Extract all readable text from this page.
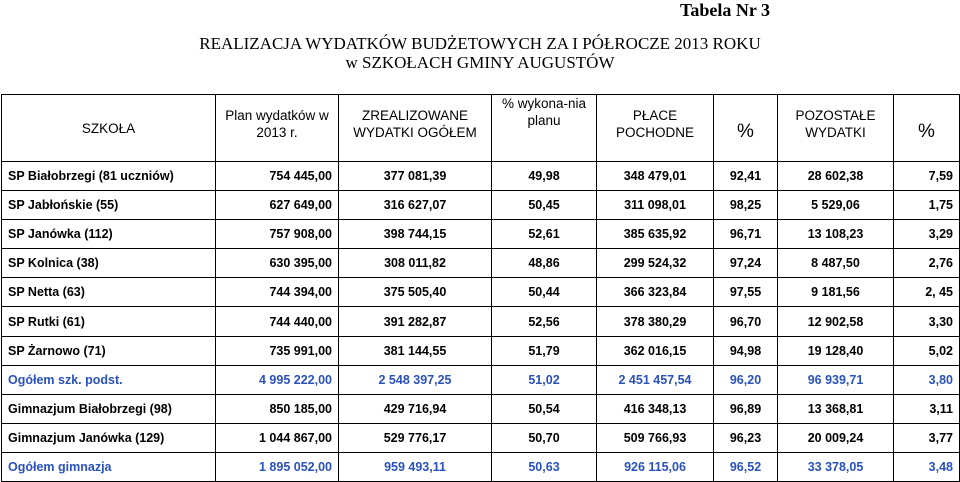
Tabela Nr 3
REALIZACJA WYDATKÓW BUDŻETOWYCH ZA I PÓŁROCZE 2013 ROKU
w SZKOŁACH GMINY AUGUSTÓW
SZKOŁA	Plan wydatków w 2013 r.	ZREALIZOWANE WYDATKI OGÓŁEM	% wykona-nia planu	PŁACE POCHODNE	%	POZOSTAŁE WYDATKI	%

SP Białobrzegi (81 uczniów)	754 445,00	377 081,39	49,98	348 479,01	92,41	28 602,38	7,59
SP Jabłońskie (55)	627 649,00	316 627,07	50,45	311 098,01	98,25	5 529,06	1,75
SP Janówka (112)	757 908,00	398 744,15	52,61	385 635,92	96,71	13 108,23	3,29
SP Kolnica (38)	630 395,00	308 011,82	48,86	299 524,32	97,24	8 487,50	2,76
SP Netta (63)	744 394,00	375 505,40	50,44	366 323,84	97,55	9 181,56	2, 45
SP Rutki (61)	744 440,00	391 282,87	52,56	378 380,29	96,70	12 902,58	3,30
SP Żarnowo (71)	735 991,00	381 144,55	51,79	362 016,15	94,98	19 128,40	5,02
Ogółem szk. podst.	4 995 222,00	2 548 397,25	51,02	2 451 457,54	96,20	96 939,71	3,80
Gimnazjum Białobrzegi (98)	850 185,00	429 716,94	50,54	416 348,13	96,89	13 368,81	3,11
Gimnazjum Janówka (129)	1 044 867,00	529 776,17	50,70	509 766,93	96,23	20 009,24	3,77
Ogółem gimnazja	1 895 052,00	959 493,11	50,63	926 115,06	96,52	33 378,05	3,48
